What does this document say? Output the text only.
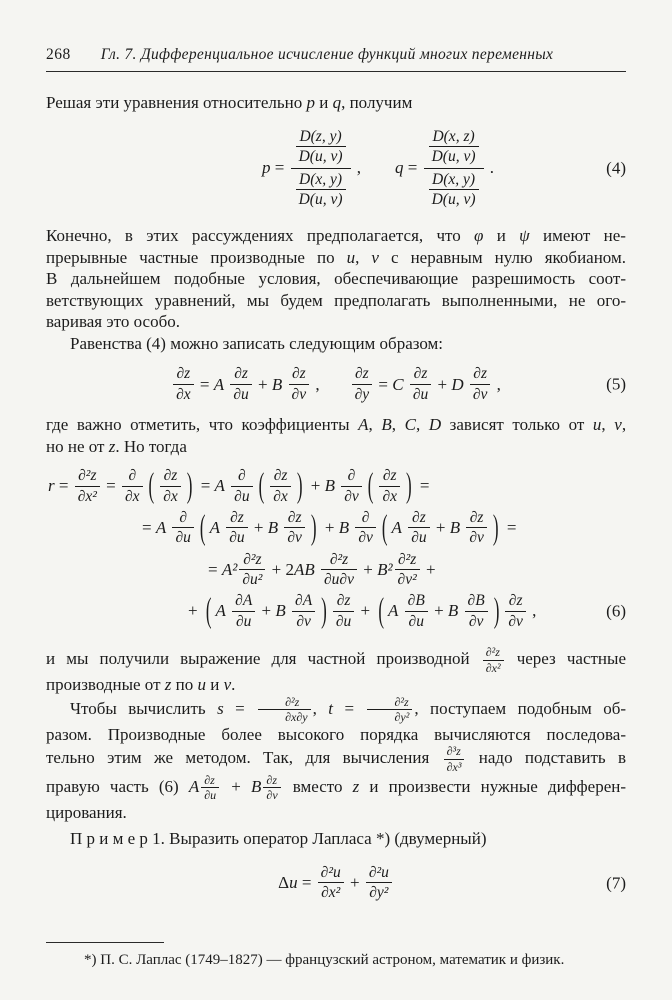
268 Гл. 7. Дифференциальное исчисление функций многих переменных
Решая эти уравнения относительно p и q, получим
$p = \frac{\frac{D(z, y)}{D(u, v)}}{\frac{D(x, y)}{D(u, v)}}$ , $q = \frac{\frac{D(x, z)}{D(u, v)}}{\frac{D(x, y)}{D(u, v)}}$ .	(4)
Конечно, в этих рассуждениях предполагается, что φ и ψ имеют не-
прерывные частные производные по u, v с неравным нулю якобианом.
В дальнейшем подобные условия, обеспечивающие разрешимость соот-
ветствующих уравнений, мы будем предполагать выполненными, не ого-
варивая это особо.
Равенства (4) можно записать следующим образом:
$\frac{\partial z}{\partial x} = A$
$\frac{\partial z}{\partial u} + B$
$\frac{\partial z}{\partial v}$ , $\frac{\partial z}{\partial y} = C$
$\frac{\partial z}{\partial u} + D$
$\frac{\partial z}{\partial v}$ ,	(5)
где важно отметить, что коэффициенты A, B, C, D зависят только от u, v,
но не от z. Но тогда
$r = \frac{\text{∂²z}}{\text{∂x²}} = \frac{\partial}{\partial x}$ ( $\frac{\partial z}{\partial x}$ ) = A
$\frac{\partial}{\partial u}$ ( $\frac{\partial z}{\partial x}$ ) + B
$\frac{\partial}{\partial v}$ ( $\frac{\partial z}{\partial x}$ ) =
= A
$\frac{\partial}{\partial u}$ ( A
$\frac{\partial z}{\partial u} + B$
$\frac{\partial z}{\partial v}$ ) + B
$\frac{\partial}{\partial v}$ ( A
$\frac{\partial z}{\partial u} + B$
$\frac{\partial z}{\partial v}$ ) =
= $A^2 \frac{\text{∂²z}}{\text{∂u²}} + 2$ AB
$\frac{\text{∂²z}}{\partial u\partial v} + B^2 \frac{\text{∂²z}}{\text{∂v²}}$ +
+ ( A
$\frac{\partial A}{\partial u} + B$
$\frac{\partial A}{\partial v}$ ) $\frac{\partial z}{\partial u}$ + ( A
$\frac{\partial B}{\partial u} + B$
$\frac{\partial B}{\partial v}$ ) $\frac{\partial z}{\partial v}$ ,	(6)
и мы получили выражение для частной производной $\frac{\text{∂²z}}{\text{∂x²}}$ через частные
производные от z по u и v.
Чтобы вычислить $s = \frac{\text{∂²z}}{\partial x\partial y}$ , $t = \frac{\text{∂²z}}{\text{∂y²}}$ , поступаем подобным об-
разом. Производные более высокого порядка вычисляются последова-
тельно этим же методом. Так, для вычисления $\frac{\text{∂³z}}{\text{∂x³}}$ надо подставить в
правую часть (6) A $\frac{\partial z}{\partial u} + B \frac{\partial z}{\partial v}$ вместо z и произвести нужные дифферен-
цирования.
П р и м е р 1. Выразить оператор Лапласа *) (двумерный)
Δ $u = \frac{\text{∂²u}}{\text{∂x²}} + \frac{\text{∂²u}}{\text{∂y²}}$	(7)
*) П. С. Лаплас (1749–1827) — французский астроном, математик и физик.
